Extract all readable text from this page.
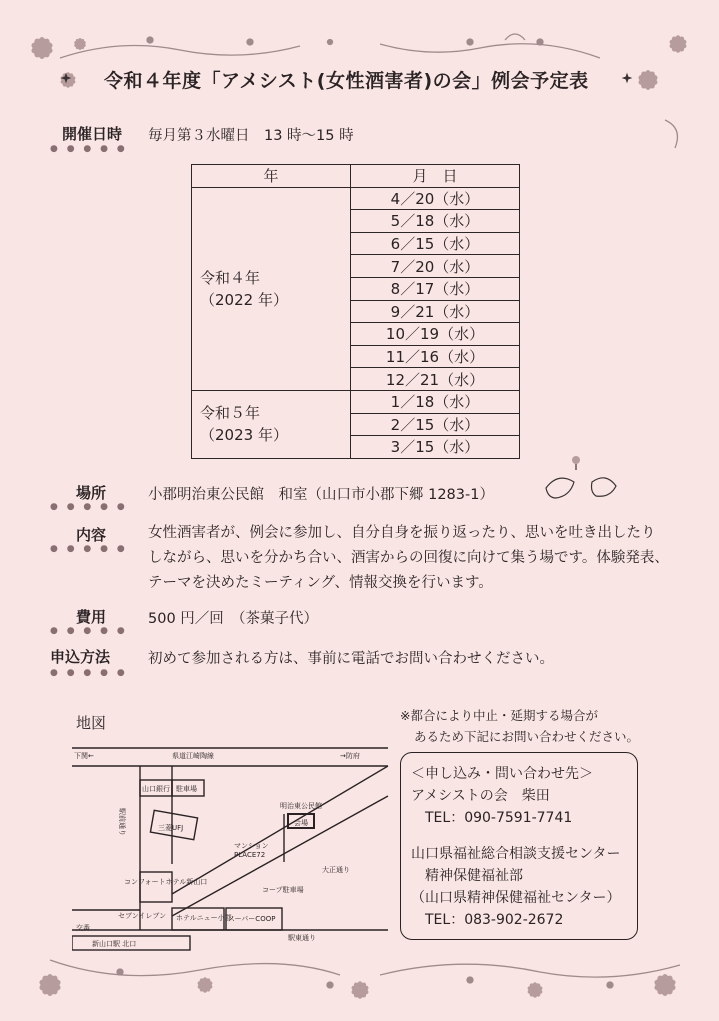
令和４年度「アメシスト(女性酒害者)の会」例会予定表
開催日時
● ● ● ● ●
毎月第３水曜日　13 時〜15 時
年	月　日

令和４年
（2022 年）	4／20（水）
	5／18（水）
	6／15（水）
	7／20（水）
	8／17（水）
	9／21（水）
	10／19（水）
	11／16（水）
	12／21（水）

令和５年
（2023 年）	1／18（水）
	2／15（水）
	3／15（水）
場所
● ● ● ● ●
小郡明治東公民館　和室（山口市小郡下郷 1283-1）
内容
● ● ● ● ●
女性酒害者が、例会に参加し、自分自身を振り返ったり、思いを吐き出したり
しながら、思いを分かち合い、酒害からの回復に向けて集う場です。体験発表、
テーマを決めたミーティング、情報交換を行います。
費用
● ● ● ● ●
500 円／回　（茶菓子代）
申込方法
● ● ● ● ●
初めて参加される方は、事前に電話でお問い合わせください。
地図	※都合により中止・延期する場合が
あるため下記にお問い合わせください。
下関←	県道江崎陶線	→防府
山口銀行 駐車場
駅前通り	三菱UFJ
明治東公民館
会場
マンション
PLACE72
コンフォートホテル新山口
コープ駐車場
大正通り
セブンイレブン ホテルニュー小郡
スーパーCOOP
駅東通り
交番
新山口駅 北口
＜申し込み・問い合わせ先＞
アメシストの会　柴田
TEL：090-7591-7741
山口県福祉総合相談支援センター
精神保健福祉部
（山口県精神保健福祉センター）
TEL：083-902-2672
